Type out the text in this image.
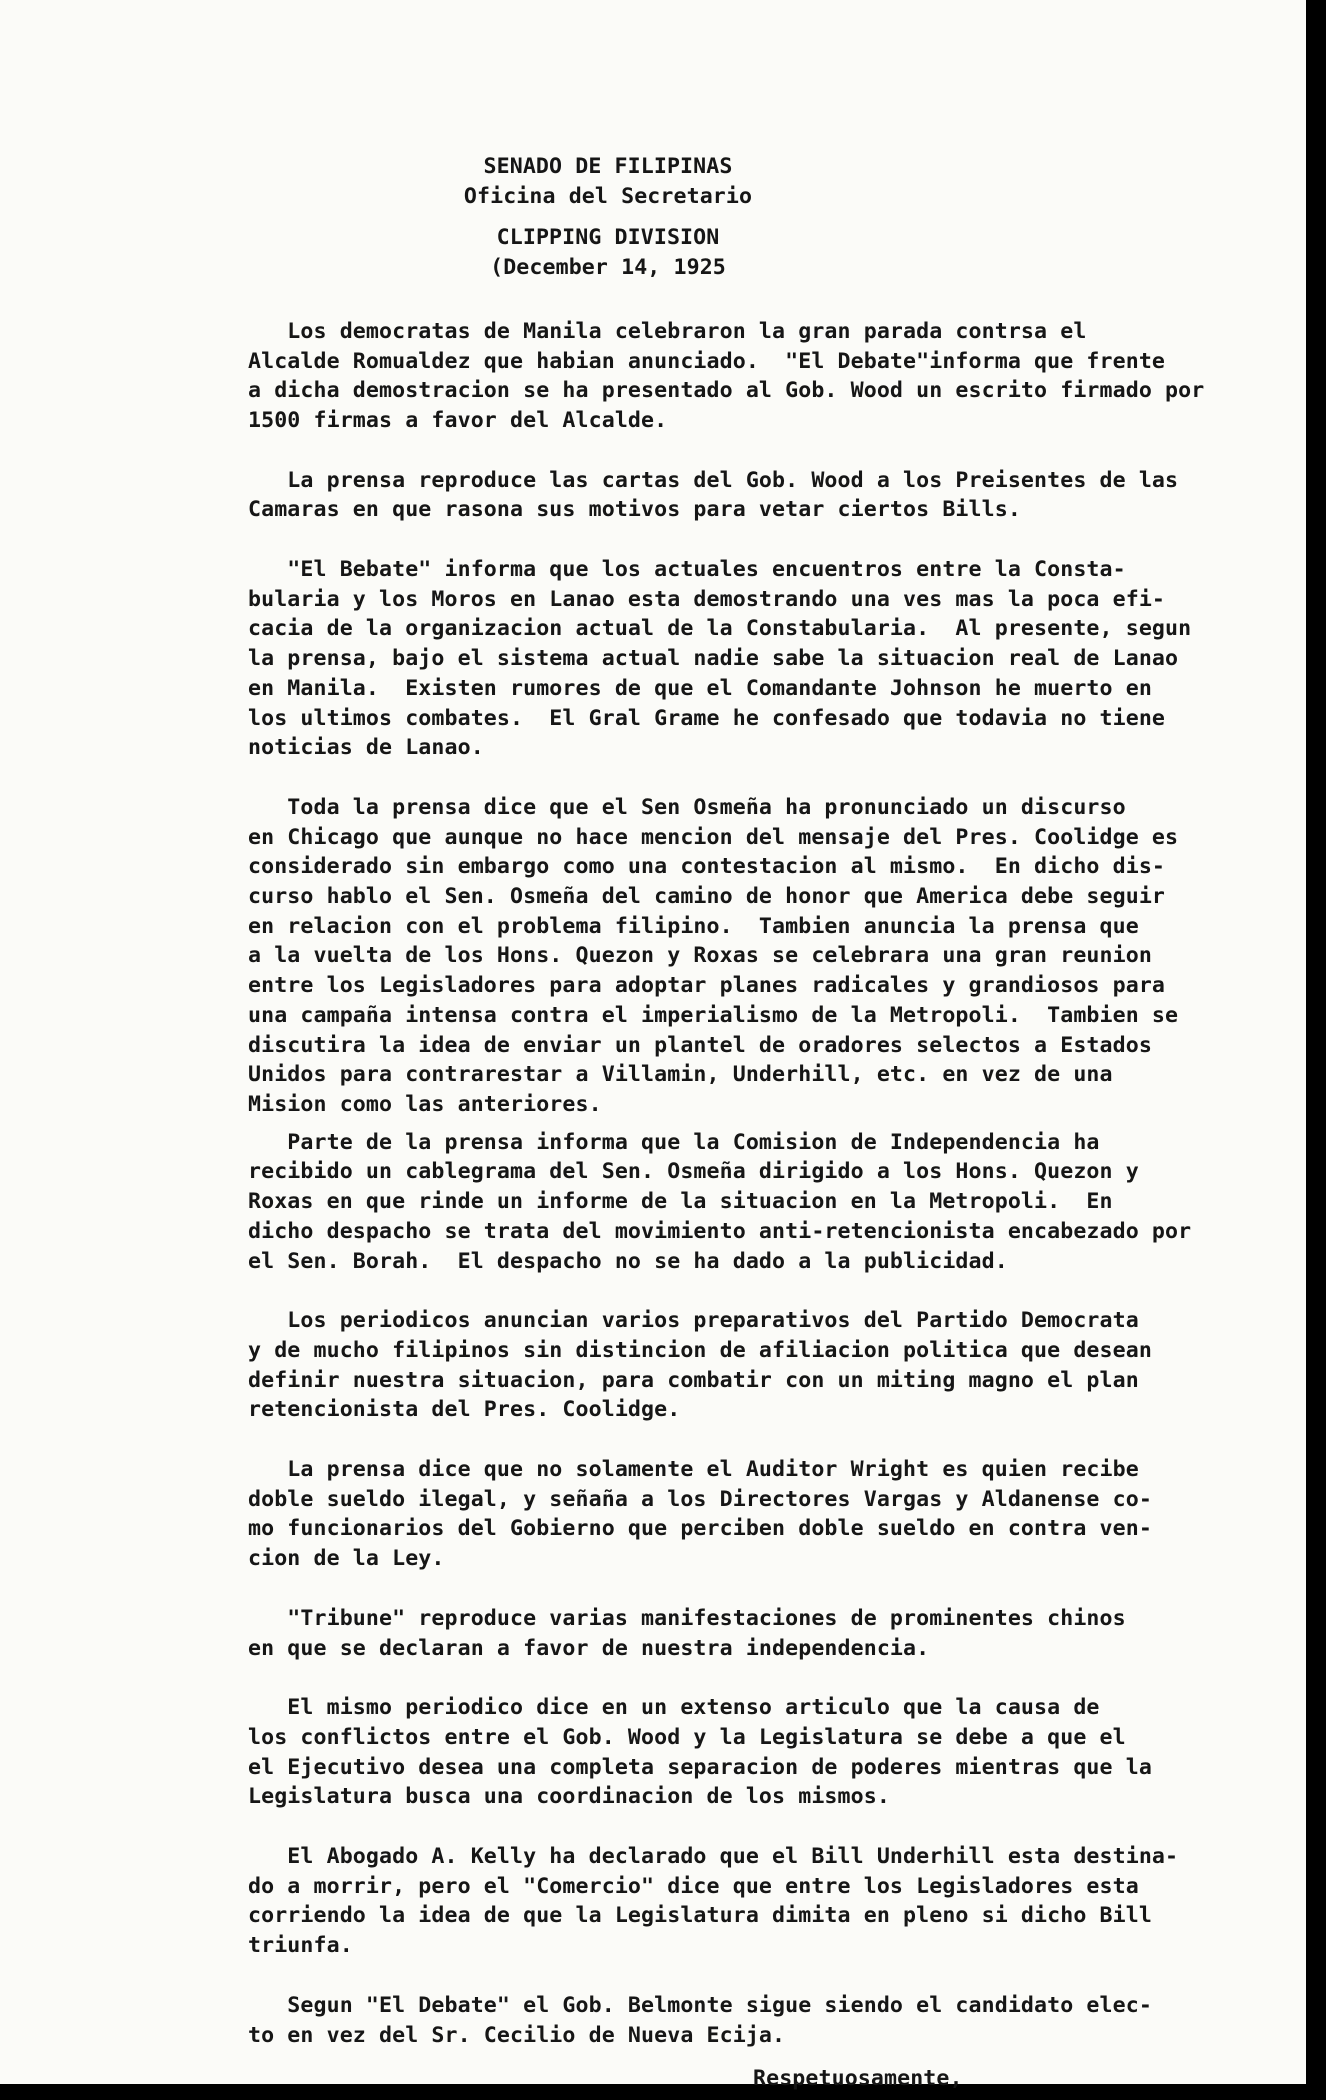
SENADO DE FILIPINAS
Oficina del Secretario
CLIPPING DIVISION
(December 14, 1925
Los democratas de Manila celebraron la gran parada contrsa el
Alcalde Romualdez que habian anunciado.  "El Debate"informa que frente
a dicha demostracion se ha presentado al Gob. Wood un escrito firmado por
1500 firmas a favor del Alcalde.
La prensa reproduce las cartas del Gob. Wood a los Preisentes de las
Camaras en que rasona sus motivos para vetar ciertos Bills.
"El Bebate" informa que los actuales encuentros entre la Consta-
bularia y los Moros en Lanao esta demostrando una ves mas la poca efi-
cacia de la organizacion actual de la Constabularia.  Al presente, segun
la prensa, bajo el sistema actual nadie sabe la situacion real de Lanao
en Manila.  Existen rumores de que el Comandante Johnson he muerto en
los ultimos combates.  El Gral Grame he confesado que todavia no tiene
noticias de Lanao.
Toda la prensa dice que el Sen Osmeña ha pronunciado un discurso
en Chicago que aunque no hace mencion del mensaje del Pres. Coolidge es
considerado sin embargo como una contestacion al mismo.  En dicho dis-
curso hablo el Sen. Osmeña del camino de honor que America debe seguir
en relacion con el problema filipino.  Tambien anuncia la prensa que
a la vuelta de los Hons. Quezon y Roxas se celebrara una gran reunion
entre los Legisladores para adoptar planes radicales y grandiosos para
una campaña intensa contra el imperialismo de la Metropoli.  Tambien se
discutira la idea de enviar un plantel de oradores selectos a Estados
Unidos para contrarestar a Villamin, Underhill, etc. en vez de una
Mision como las anteriores.
Parte de la prensa informa que la Comision de Independencia ha
recibido un cablegrama del Sen. Osmeña dirigido a los Hons. Quezon y
Roxas en que rinde un informe de la situacion en la Metropoli.  En
dicho despacho se trata del movimiento anti-retencionista encabezado por
el Sen. Borah.  El despacho no se ha dado a la publicidad.
Los periodicos anuncian varios preparativos del Partido Democrata
y de mucho filipinos sin distincion de afiliacion politica que desean
definir nuestra situacion, para combatir con un miting magno el plan
retencionista del Pres. Coolidge.
La prensa dice que no solamente el Auditor Wright es quien recibe
doble sueldo ilegal, y señaña a los Directores Vargas y Aldanense co-
mo funcionarios del Gobierno que perciben doble sueldo en contra ven-
cion de la Ley.
"Tribune" reproduce varias manifestaciones de prominentes chinos
en que se declaran a favor de nuestra independencia.
El mismo periodico dice en un extenso articulo que la causa de
los conflictos entre el Gob. Wood y la Legislatura se debe a que el
el Ejecutivo desea una completa separacion de poderes mientras que la
Legislatura busca una coordinacion de los mismos.
El Abogado A. Kelly ha declarado que el Bill Underhill esta destina-
do a morrir, pero el "Comercio" dice que entre los Legisladores esta
corriendo la idea de que la Legislatura dimita en pleno si dicho Bill
triunfa.
Segun "El Debate" el Gob. Belmonte sigue siendo el candidato elec-
to en vez del Sr. Cecilio de Nueva Ecija.
Respetuosamente,
